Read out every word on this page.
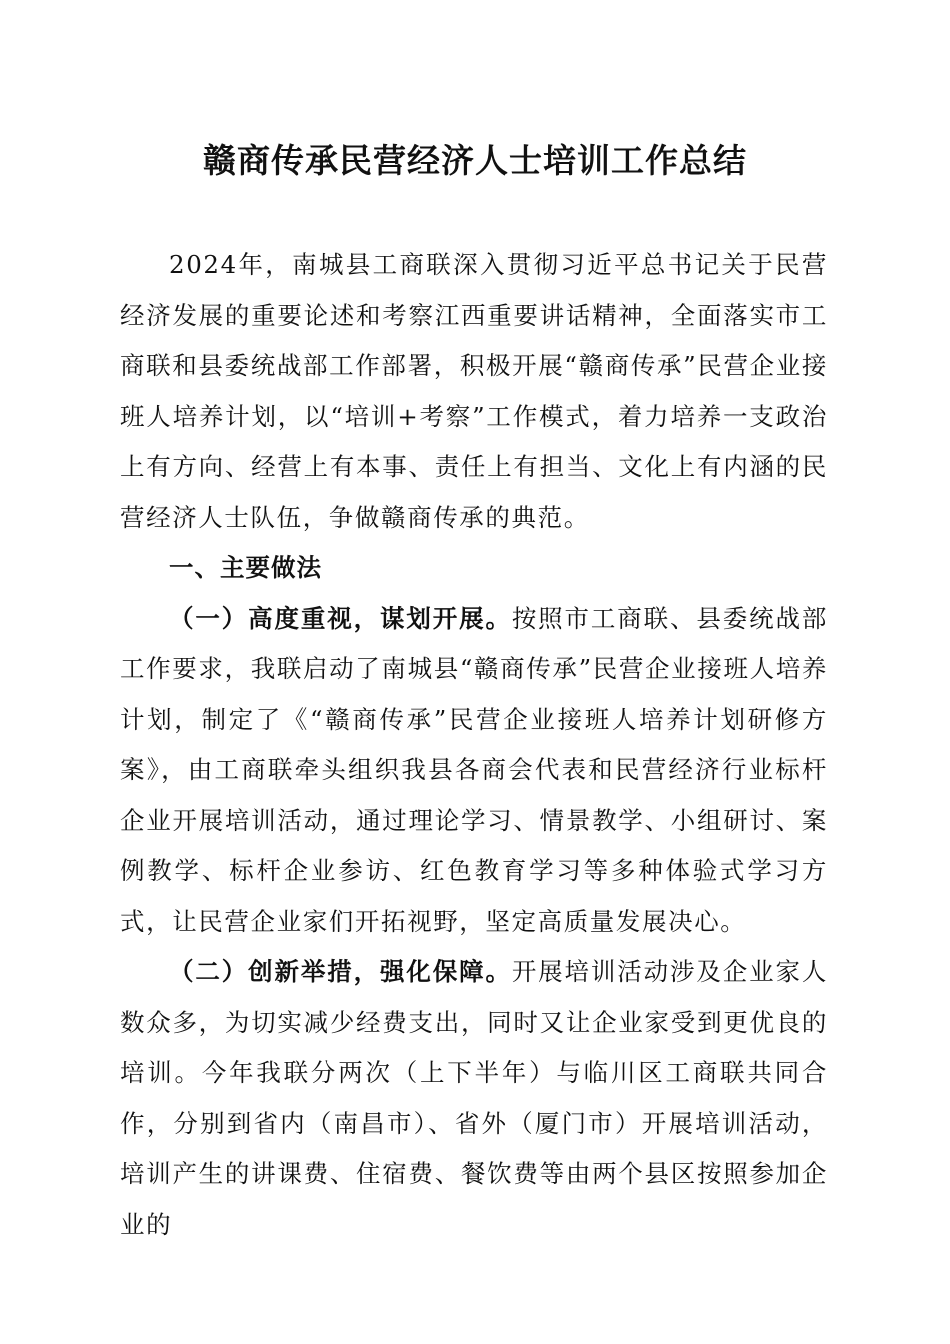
赣商传承民营经济人士培训工作总结

2024年，南城县工商联深入贯彻习近平总书记关于民营经济发展的重要论述和考察江西重要讲话精神，全面落实市工商联和县委统战部工作部署，积极开展“赣商传承”民营企业接班人培养计划，以“培训+考察”工作模式，着力培养一支政治上有方向、经营上有本事、责任上有担当、文化上有内涵的民营经济人士队伍，争做赣商传承的典范。

一、主要做法

（一）高度重视，谋划开展。按照市工商联、县委统战部工作要求，我联启动了南城县“赣商传承”民营企业接班人培养计划，制定了《“赣商传承”民营企业接班人培养计划研修方案》，由工商联牵头组织我县各商会代表和民营经济行业标杆企业开展培训活动，通过理论学习、情景教学、小组研讨、案例教学、标杆企业参访、红色教育学习等多种体验式学习方式，让民营企业家们开拓视野，坚定高质量发展决心。

（二）创新举措，强化保障。开展培训活动涉及企业家人数众多，为切实减少经费支出，同时又让企业家受到更优良的培训。今年我联分两次（上下半年）与临川区工商联共同合作，分别到省内（南昌市）、省外（厦门市）开展培训活动，培训产生的讲课费、住宿费、餐饮费等由两个县区按照参加企业的
